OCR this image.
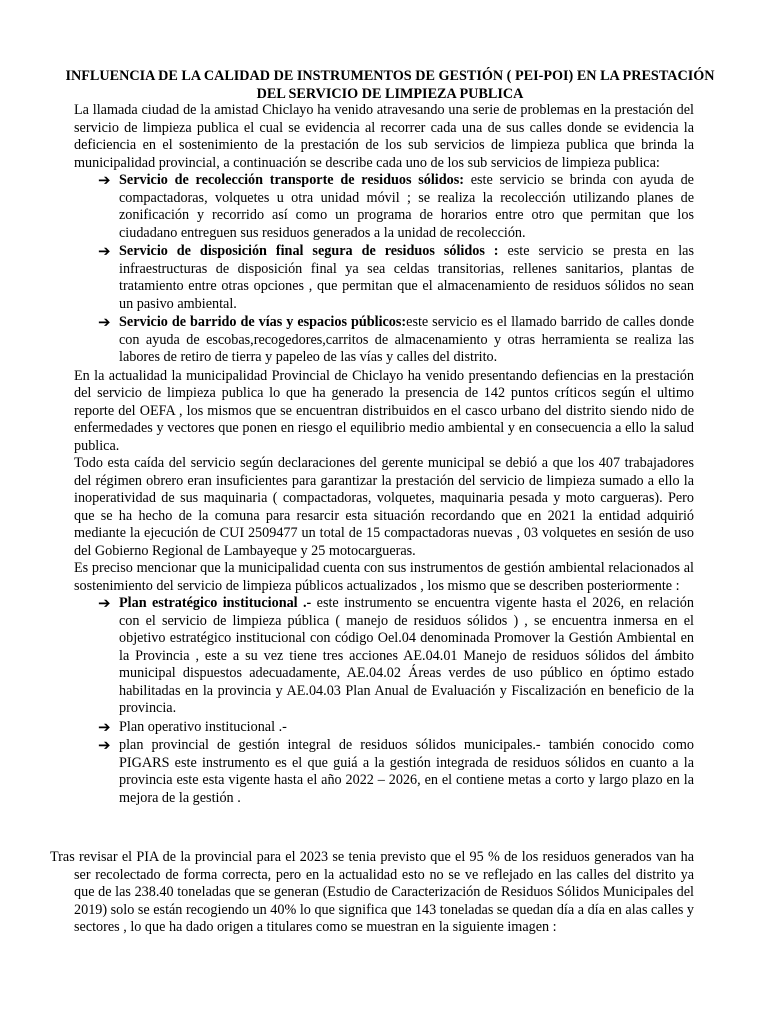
INFLUENCIA DE LA CALIDAD DE INSTRUMENTOS DE GESTIÓN ( PEI-POI) EN LA PRESTACIÓN DEL SERVICIO DE LIMPIEZA PUBLICA

La llamada ciudad de la amistad Chiclayo ha venido atravesando una serie de problemas en la prestación del servicio de limpieza publica el cual se evidencia al recorrer cada una de sus calles donde se evidencia la deficiencia en el sostenimiento de la prestación de los sub servicios de limpieza publica que brinda la municipalidad provincial, a continuación se describe cada uno de los sub servicios de limpieza publica:

➔ Servicio de recolección transporte de residuos sólidos: este servicio se brinda con ayuda de compactadoras, volquetes u otra unidad móvil ; se realiza la recolección utilizando planes de zonificación y recorrido así como un programa de horarios entre otro que permitan que los ciudadano entreguen sus residuos generados a la unidad de recolección.
➔ Servicio de disposición final segura de residuos sólidos : este servicio se presta en las infraestructuras de disposición final ya sea celdas transitorias, rellenes sanitarios, plantas de tratamiento entre otras opciones , que permitan que el almacenamiento de residuos sólidos no sean un pasivo ambiental.
➔ Servicio de barrido de vías y espacios públicos:este servicio es el llamado barrido de calles donde con ayuda de escobas,recogedores,carritos de almacenamiento y otras herramienta se realiza las labores de retiro de tierra y papeleo de las vías y calles del distrito.

En la actualidad la municipalidad Provincial de Chiclayo ha venido presentando defiencias en la prestación del servicio de limpieza publica lo que ha generado la presencia de 142 puntos críticos según el ultimo reporte del OEFA , los mismos que se encuentran distribuidos en el casco urbano del distrito siendo nido de enfermedades y vectores que ponen en riesgo el equilibrio medio ambiental y en consecuencia a ello la salud publica.

Todo esta caída del servicio según declaraciones del gerente municipal se debió a que los 407 trabajadores del régimen obrero eran insuficientes para garantizar la prestación del servicio de limpieza sumado a ello la inoperatividad de sus maquinaria ( compactadoras, volquetes, maquinaria pesada y moto cargueras). Pero que se ha hecho de la comuna para resarcir esta situación recordando que en 2021 la entidad adquirió mediante la ejecución de CUI 2509477 un total de 15 compactadoras nuevas , 03 volquetes en sesión de uso del Gobierno Regional de Lambayeque y 25 motocargueras.

Es preciso mencionar que la municipalidad cuenta con sus instrumentos de gestión ambiental relacionados al sostenimiento del servicio de limpieza públicos actualizados , los mismo que se describen posteriormente :

➔ Plan estratégico institucional .- este instrumento se encuentra vigente hasta el 2026, en relación con el servicio de limpieza pública ( manejo de residuos sólidos ) , se encuentra inmersa en el objetivo estratégico institucional con código Oel.04 denominada Promover la Gestión Ambiental en la Provincia , este a su vez tiene tres acciones AE.04.01 Manejo de residuos sólidos del ámbito municipal dispuestos adecuadamente, AE.04.02 Áreas verdes de uso público en óptimo estado habilitadas en la provincia y AE.04.03 Plan Anual de Evaluación y Fiscalización en beneficio de la provincia.
➔ Plan operativo institucional .-
➔ plan provincial de gestión integral de residuos sólidos municipales.- también conocido como PIGARS este instrumento es el que guiá a la gestión integrada de residuos sólidos en cuanto a la provincia este esta vigente hasta el año 2022 – 2026, en el contiene metas a corto y largo plazo en la mejora de la gestión .

Tras revisar el PIA de la provincial para el 2023 se tenia previsto que el 95 % de los residuos generados van ha ser recolectado de forma correcta, pero en la actualidad esto no se ve reflejado en las calles del distrito ya que de las 238.40 toneladas que se generan (Estudio de Caracterización de Residuos Sólidos Municipales del 2019) solo se están recogiendo un 40% lo que significa que 143 toneladas se quedan día a día en alas calles y sectores , lo que ha dado origen a titulares como se muestran en la siguiente imagen :
